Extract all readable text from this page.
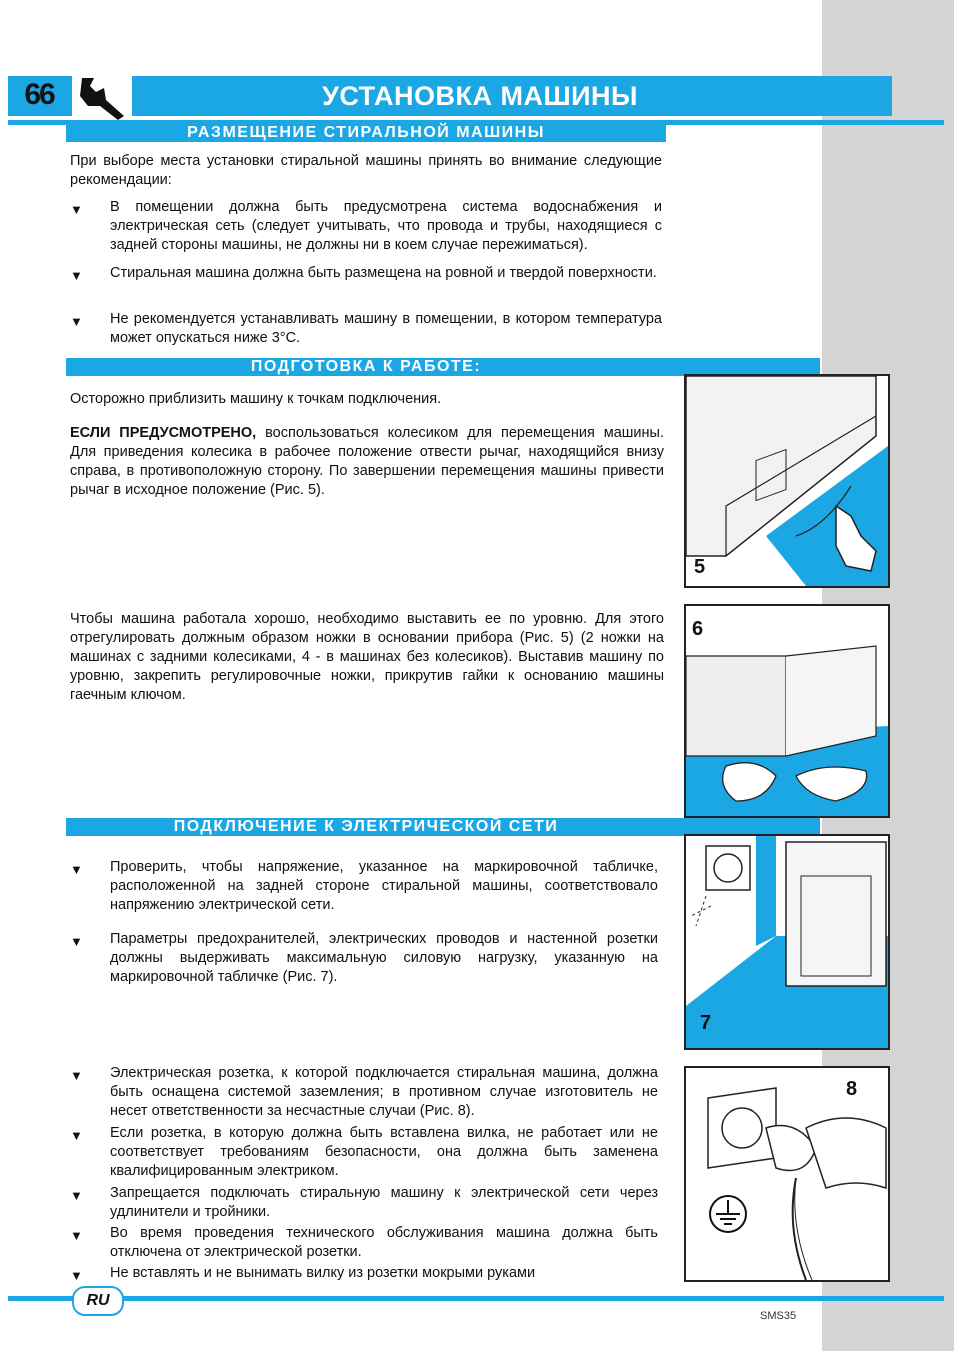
66	УСТАНОВКА МАШИНЫ
РАЗМЕЩЕНИЕ СТИРАЛЬНОЙ МАШИНЫ
При выборе места установки стиральной машины принять во внимание следующие рекомендации:
▼ В помещении должна быть предусмотрена система водоснабжения и электрическая сеть (следует учитывать, что провода и трубы, находящиеся с задней стороны машины, не должны ни в коем случае пережиматься).
▼ Стиральная машина должна быть размещена на ровной и твердой поверхности.
▼ Не рекомендуется устанавливать машину в помещении, в котором температура может опускаться ниже 3°С.
ПОДГОТОВКА К РАБОТЕ:
Осторожно приблизить машину к точкам подключения.
ЕСЛИ ПРЕДУСМОТРЕНО, воспользоваться колесиком для перемещения машины. Для приведения колесика в рабочее положение отвести рычаг, находящийся внизу справа, в противоположную сторону. По завершении перемещения машины привести рычаг в исходное положение (Рис. 5).
Чтобы машина работала хорошо, необходимо выставить ее по уровню. Для этого отрегулировать должным образом ножки в основании прибора (Рис. 5) (2 ножки на машинах с задними колесиками, 4 - в машинах без колесиков). Выставив машину по уровню, закрепить регулировочные ножки, прикрутив гайки к основанию машины гаечным ключом.
5
6
ПОДКЛЮЧЕНИЕ К ЭЛЕКТРИЧЕСКОЙ СЕТИ
▼ Проверить, чтобы напряжение, указанное на маркировочной табличке, расположенной на задней стороне стиральной машины, соответствовало напряжению электрической сети.
▼ Параметры предохранителей, электрических проводов и настенной розетки должны выдерживать максимальную силовую нагрузку, указанную на маркировочной табличке (Рис. 7).
7
▼ Электрическая розетка, к которой подключается стиральная машина, должна быть оснащена системой заземления; в противном случае изготовитель не несет ответственности за несчастные случаи (Рис. 8).
▼ Если розетка, в которую должна быть вставлена вилка, не работает или не соответствует требованиям безопасности, она должна быть заменена квалифицированным электриком.
▼ Запрещается подключать стиральную машину к электрической сети через удлинители и тройники.
▼ Во время проведения технического обслуживания машина должна быть отключена от электрической розетки.
▼ Не вставлять и не вынимать вилку из розетки мокрыми руками
8
RU
SMS35
